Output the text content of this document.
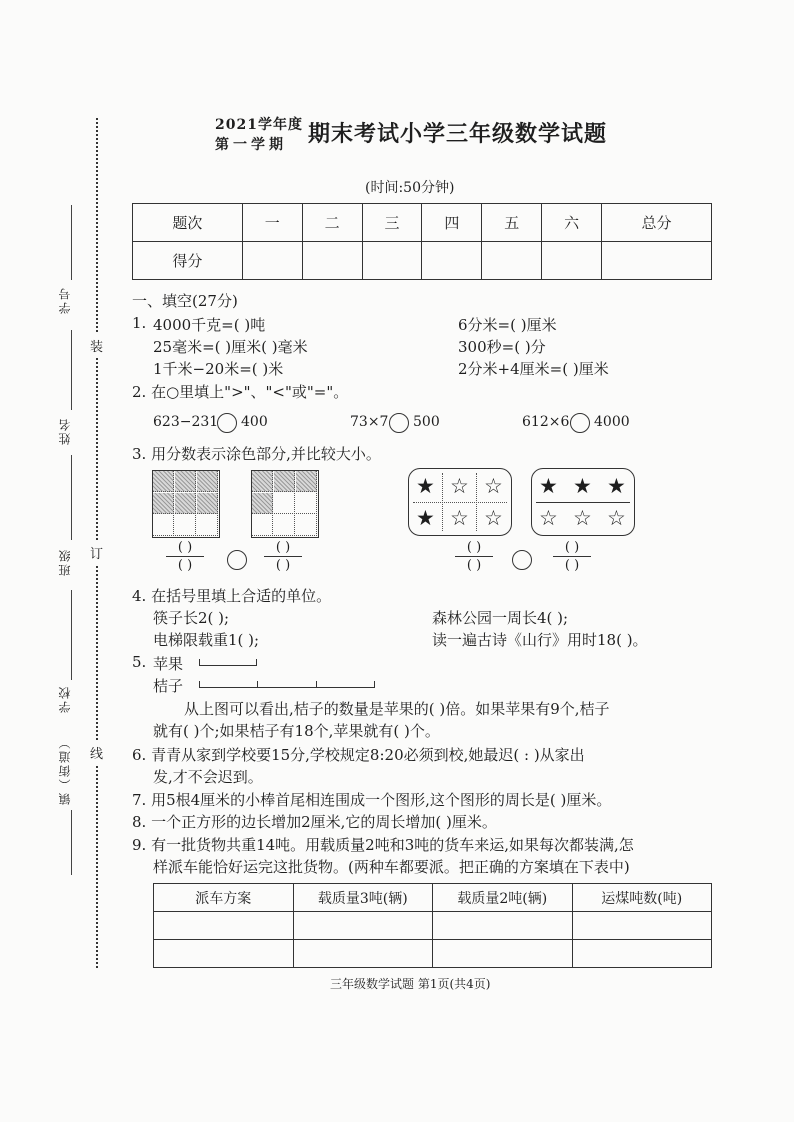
学号
姓名
班级
学校
镇（街道）
装
订
线
2021学年度
第一学期 期末考试小学三年级数学试题
(时间:50分钟)
题次	一	二	三	四	五	六	总分
得分							
一、填空(27分)
1. 4000千克=( )吨	6分米=( )厘米
25毫米=( )厘米( )毫米	300秒=( )分
1千米−20米=( )米	2分米+4厘米=( )厘米
2. 在○里填上">"、"<"或"="。
623−231 400	73×7 500	612×6 4000
3. 用分数表示涂色部分,并比较大小。
( )
( )
( )
( )
★ ☆ ☆
★ ☆ ☆
★ ★ ★
☆ ☆ ☆
( )
( )
( )
( )
4. 在括号里填上合适的单位。
筷子长2( );	森林公园一周长4( );
电梯限载重1( );	读一遍古诗《山行》用时18( )。
5. 苹果
桔子
从上图可以看出,桔子的数量是苹果的( )倍。如果苹果有9个,桔子
就有( )个;如果桔子有18个,苹果就有( )个。
6. 青青从家到学校要15分,学校规定8:20必须到校,她最迟( : )从家出
发,才不会迟到。
7. 用5根4厘米的小棒首尾相连围成一个图形,这个图形的周长是( )厘米。
8. 一个正方形的边长增加2厘米,它的周长增加( )厘米。
9. 有一批货物共重14吨。用载质量2吨和3吨的货车来运,如果每次都装满,怎
样派车能恰好运完这批货物。(两种车都要派。把正确的方案填在下表中)
派车方案	载质量3吨(辆)	载质量2吨(辆)	运煤吨数(吨)

三年级数学试题 第1页(共4页)
